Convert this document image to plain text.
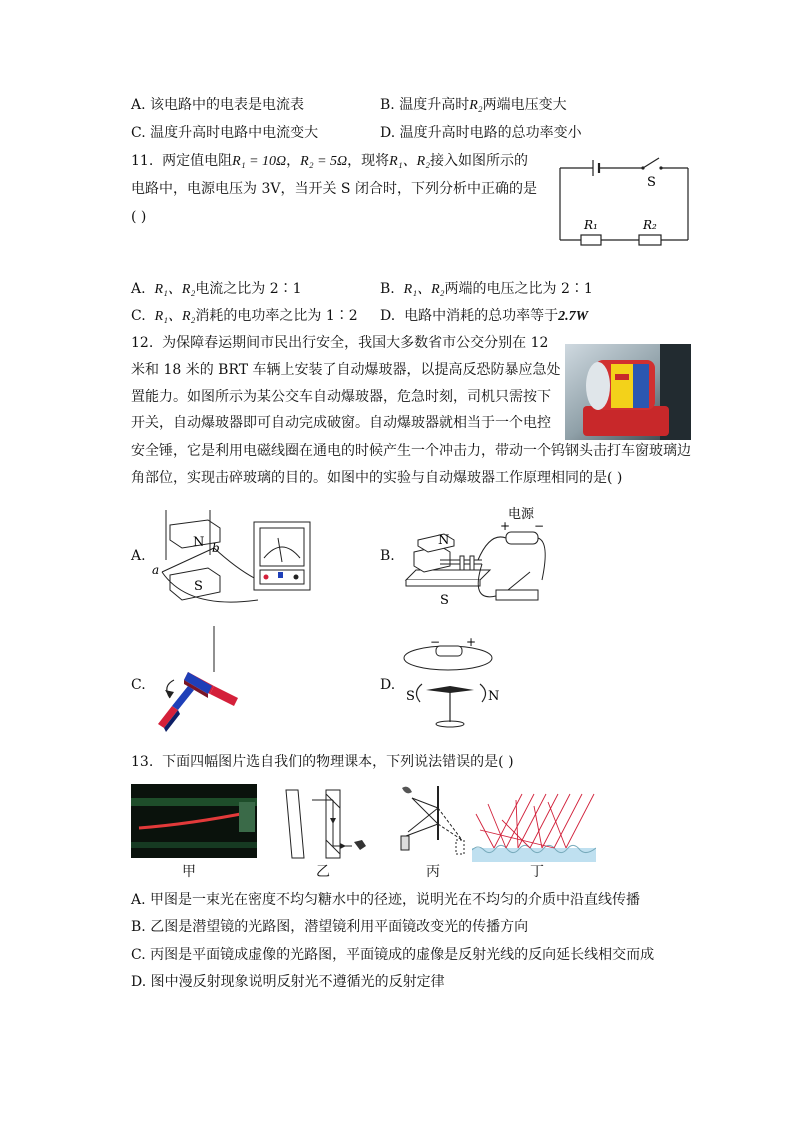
A. 该电路中的电表是电流表	B. 温度升高时R₂两端电压变大
C. 温度升高时电路中电流变大	D. 温度升高时电路的总功率变小
11. 两定值电阻R₁ = 10Ω，R₂ = 5Ω，现将R₁、R₂接入如图所示的
电路中，电源电压为 3V，当开关 S 闭合时，下列分析中正确的是
( )
S
R₁	R₂
A. R₁、R₂电流之比为 2∶1	B. R₁、R₂两端的电压之比为 2∶1
C. R₁、R₂消耗的电功率之比为 1∶2 D. 电路中消耗的总功率等于2.7W
12. 为保障春运期间市民出行安全，我国大多数省市公交分别在 12
米和 18 米的 BRT 车辆上安装了自动爆玻器，以提高反恐防暴应急处
置能力。如图所示为某公交车自动爆玻器，危急时刻，司机只需按下
开关，自动爆玻器即可自动完成破窗。自动爆玻器就相当于一个电控
安全锤，它是利用电磁线圈在通电的时候产生一个冲击力，带动一个钨钢头击打车窗玻璃边
角部位，实现击碎玻璃的目的。如图中的实验与自动爆玻器工作原理相同的是( )
A.
N
S
a
b	B.
电源
+ −
N
S
C.	D.
− +
S	N
13. 下面四幅图片选自我们的物理课本，下列说法错误的是( )
甲	乙	丙	丁
A. 甲图是一束光在密度不均匀糖水中的径迹，说明光在不均匀的介质中沿直线传播
B. 乙图是潜望镜的光路图，潜望镜利用平面镜改变光的传播方向
C. 丙图是平面镜成虚像的光路图，平面镜成的虚像是反射光线的反向延长线相交而成
D. 图中漫反射现象说明反射光不遵循光的反射定律
